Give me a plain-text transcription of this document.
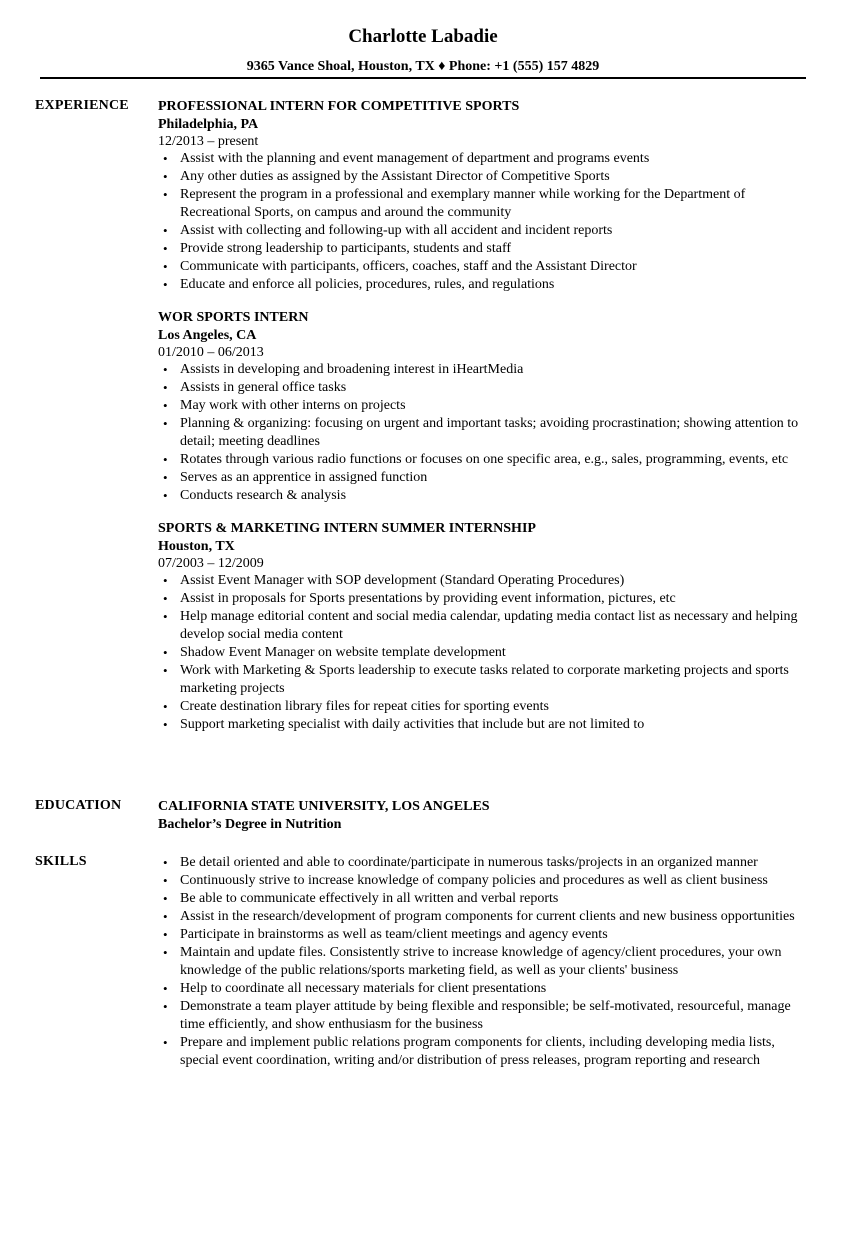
Charlotte Labadie
9365 Vance Shoal, Houston, TX ♦ Phone: +1 (555) 157 4829
EXPERIENCE	PROFESSIONAL INTERN FOR COMPETITIVE SPORTS
Philadelphia, PA
12/2013 – present
• Assist with the planning and event management of department and programs events
• Any other duties as assigned by the Assistant Director of Competitive Sports
• Represent the program in a professional and exemplary manner while working for the Department of Recreational Sports, on campus and around the community
• Assist with collecting and following-up with all accident and incident reports
• Provide strong leadership to participants, students and staff
• Communicate with participants, officers, coaches, staff and the Assistant Director
• Educate and enforce all policies, procedures, rules, and regulations
WOR SPORTS INTERN
Los Angeles, CA
01/2010 – 06/2013
• Assists in developing and broadening interest in iHeartMedia
• Assists in general office tasks
• May work with other interns on projects
• Planning & organizing: focusing on urgent and important tasks; avoiding procrastination; showing attention to detail; meeting deadlines
• Rotates through various radio functions or focuses on one specific area, e.g., sales, programming, events, etc
• Serves as an apprentice in assigned function
• Conducts research & analysis
SPORTS & MARKETING INTERN SUMMER INTERNSHIP
Houston, TX
07/2003 – 12/2009
• Assist Event Manager with SOP development (Standard Operating Procedures)
• Assist in proposals for Sports presentations by providing event information, pictures, etc
• Help manage editorial content and social media calendar, updating media contact list as necessary and helping develop social media content
• Shadow Event Manager on website template development
• Work with Marketing & Sports leadership to execute tasks related to corporate marketing projects and sports marketing projects
• Create destination library files for repeat cities for sporting events
• Support marketing specialist with daily activities that include but are not limited to
EDUCATION	CALIFORNIA STATE UNIVERSITY, LOS ANGELES
Bachelor’s Degree in Nutrition
SKILLS
•	Be detail oriented and able to coordinate/participate in numerous tasks/projects in an organized manner
• Continuously strive to increase knowledge of company policies and procedures as well as client business
• Be able to communicate effectively in all written and verbal reports
• Assist in the research/development of program components for current clients and new business opportunities
• Participate in brainstorms as well as team/client meetings and agency events
• Maintain and update files. Consistently strive to increase knowledge of agency/client procedures, your own knowledge of the public relations/sports marketing field, as well as your clients' business
• Help to coordinate all necessary materials for client presentations
• Demonstrate a team player attitude by being flexible and responsible; be self-motivated, resourceful, manage time efficiently, and show enthusiasm for the business
• Prepare and implement public relations program components for clients, including developing media lists, special event coordination, writing and/or distribution of press releases, program reporting and research
